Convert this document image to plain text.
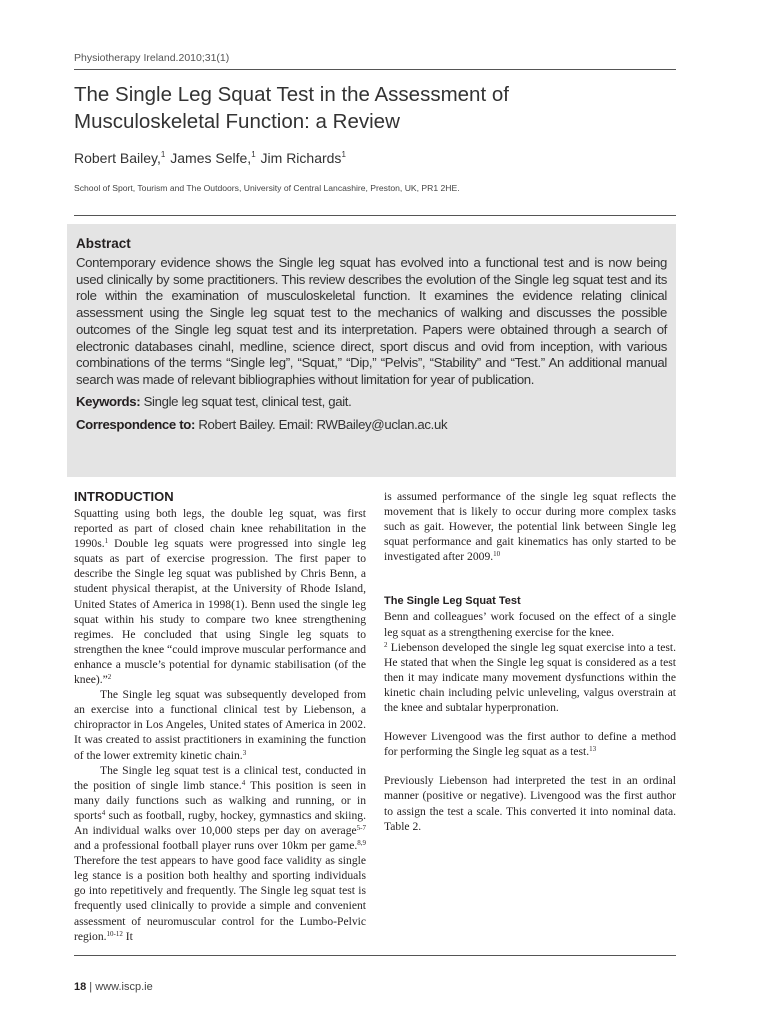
Physiotherapy Ireland.2010;31(1)
The Single Leg Squat Test in the Assessment of
Musculoskeletal Function: a Review
Robert Bailey,$^1$ James Selfe,$^1$ Jim Richards$^1$
School of Sport, Tourism and The Outdoors, University of Central Lancashire, Preston, UK, PR1 2HE.
Abstract

Contemporary evidence shows the Single leg squat has evolved into a functional test and is now being used clinically by some practitioners. This review describes the evolution of the Single leg squat test and its role within the examination of musculoskeletal function. It examines the evidence relating clinical assessment using the Single leg squat test to the mechanics of walking and discusses the possible outcomes of the Single leg squat test and its interpretation. Papers were obtained through a search of electronic databases cinahl, medline, science direct, sport discus and ovid from inception, with various combinations of the terms “Single leg”, “Squat,” “Dip,” “Pelvis”, “Stability” and “Test.” An additional manual search was made of relevant bibliographies without limitation for year of publication.

Keywords: Single leg squat test, clinical test, gait.
Correspondence to: Robert Bailey. Email: RWBailey@uclan.ac.uk
INTRODUCTION

Squatting using both legs, the double leg squat, was first reported as part of closed chain knee rehabilitation in the 1990s.$^1$ Double leg squats were progressed into single leg squats as part of exercise progression. The first paper to describe the Single leg squat was published by Chris Benn, a student physical therapist, at the University of Rhode Island, United States of America in 1998(1). Benn used the single leg squat within his study to compare two knee strengthening regimes. He concluded that using Single leg squats to strengthen the knee “could improve muscular performance and enhance a muscle’s potential for dynamic stabilisation (of the knee).”$^2$

The Single leg squat was subsequently developed from an exercise into a functional clinical test by Liebenson, a chiropractor in Los Angeles, United states of America in 2002. It was created to assist practitioners in examining the function of the lower extremity kinetic chain.$^3$

The Single leg squat test is a clinical test, conducted in the position of single limb stance.$^4$ This position is seen in many daily functions such as walking and running, or in sports$^4$ such as football, rugby, hockey, gymnastics and skiing. An individual walks over 10,000 steps per day on average$^{5-7}$ and a professional football player runs over 10km per game.$^{8,9}$ Therefore the test appears to have good face validity as single leg stance is a position both healthy and sporting individuals go into repetitively and frequently. The Single leg squat test is frequently used clinically to provide a simple and convenient assessment of neuromuscular control for the Lumbo-Pelvic region.$^{10-12}$ It

is assumed performance of the single leg squat reflects the movement that is likely to occur during more complex tasks such as gait. However, the potential link between Single leg squat performance and gait kinematics has only started to be investigated after 2009.10

The Single Leg Squat Test

Benn and colleagues’ work focused on the effect of a single leg squat as a strengthening exercise for the knee.
$^2$ Liebenson developed the single leg squat exercise into a test. He stated that when the Single leg squat is considered as a test then it may indicate many movement dysfunctions within the kinetic chain including pelvic unleveling, valgus overstrain at the knee and subtalar hyperpronation.

However Livengood was the first author to define a method for performing the Single leg squat as a test.$^{13}$

Previously Liebenson had interpreted the test in an ordinal manner (positive or negative). Livengood was the first author to assign the test a scale. This converted it into nominal data. Table 2.

18 | www.iscp.ie
